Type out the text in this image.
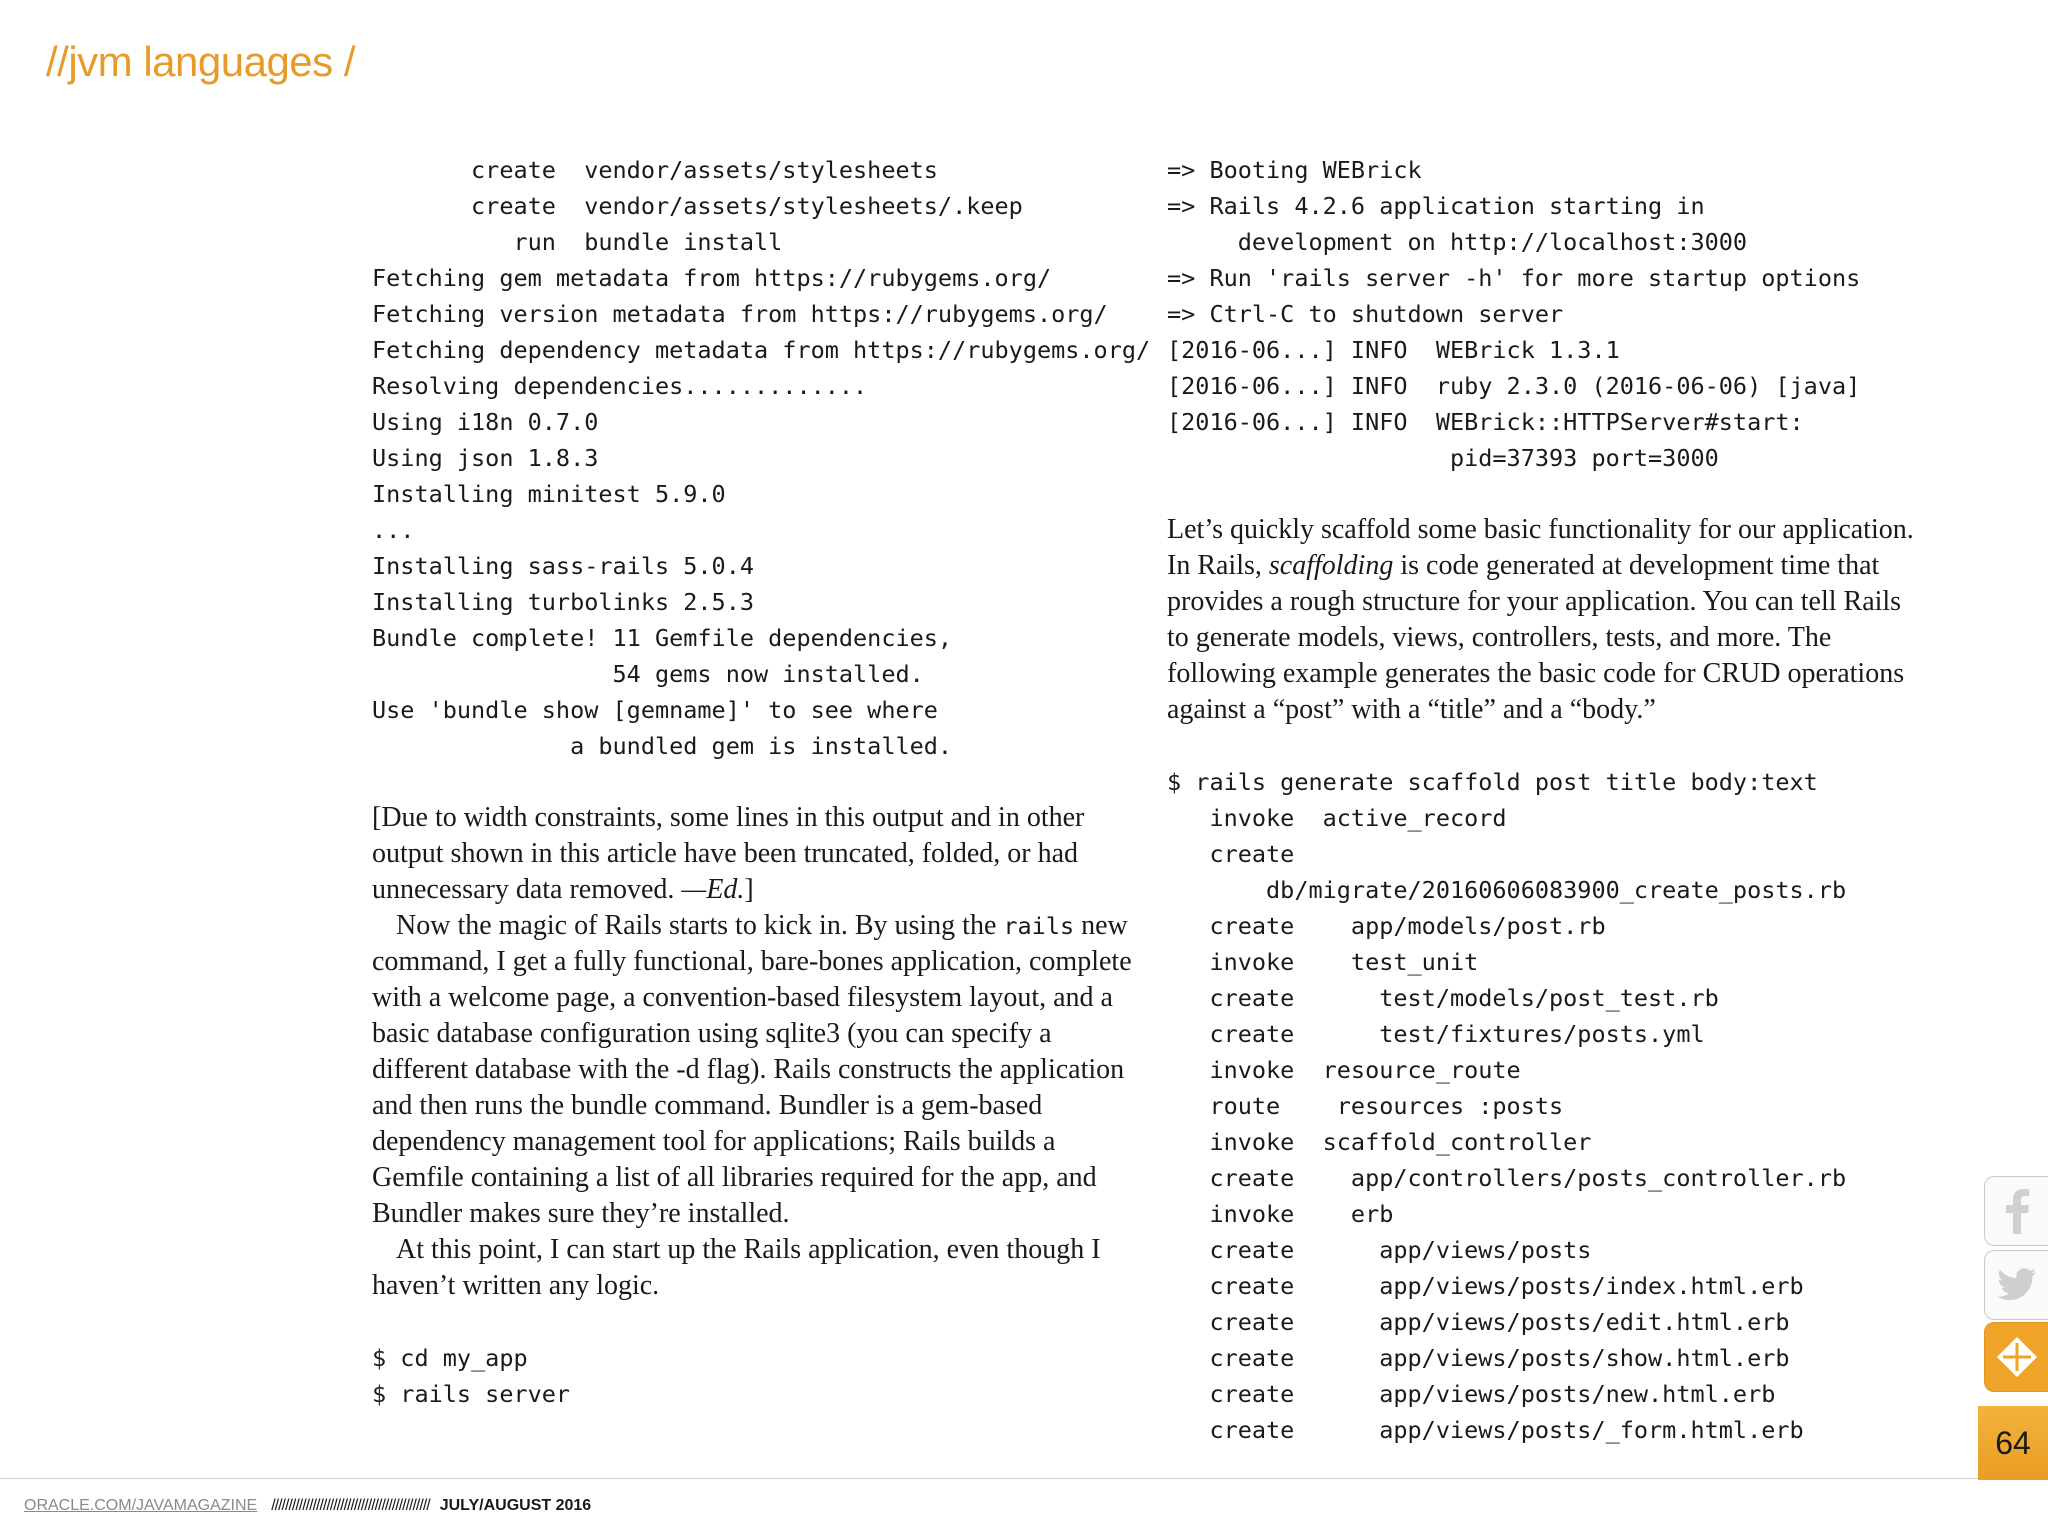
//jvm languages /
create  vendor/assets/stylesheets
create  vendor/assets/stylesheets/.keep
run  bundle install
Fetching gem metadata from https://rubygems.org/
Fetching version metadata from https://rubygems.org/
Fetching dependency metadata from https://rubygems.org/
Resolving dependencies.............
Using i18n 0.7.0
Using json 1.8.3
Installing minitest 5.9.0
...
Installing sass-rails 5.0.4
Installing turbolinks 2.5.3
Bundle complete! 11 Gemfile dependencies,
54 gems now installed.
Use 'bundle show [gemname]' to see where
a bundled gem is installed.

[Due to width constraints, some lines in this output and in other output shown in this article have been truncated, folded, or had unnecessary data removed. —Ed.]

Now the magic of Rails starts to kick in. By using the rails new command, I get a fully functional, bare-bones application, complete with a welcome page, a convention-based filesystem layout, and a basic database configuration using sqlite3 (you can specify a different database with the -d flag). Rails constructs the application and then runs the bundle command. Bundler is a gem-based dependency management tool for applications; Rails builds a Gemfile containing a list of all libraries required for the app, and Bundler makes sure they’re installed.

At this point, I can start up the Rails application, even though I haven’t written any logic.

$ cd my_app
$ rails server
=> Booting WEBrick
=> Rails 4.2.6 application starting in
development on http://localhost:3000
=> Run 'rails server -h' for more startup options
=> Ctrl-C to shutdown server
[2016-06...] INFO  WEBrick 1.3.1
[2016-06...] INFO  ruby 2.3.0 (2016-06-06) [java]
[2016-06...] INFO  WEBrick::HTTPServer#start:
pid=37393 port=3000

Let’s quickly scaffold some basic functionality for our application. In Rails, scaffolding is code generated at development time that provides a rough structure for your application. You can tell Rails to generate models, views, controllers, tests, and more. The following example generates the basic code for CRUD operations against a “post” with a “title” and a “body.”

$ rails generate scaffold post title body:text
invoke  active_record
create
db/migrate/20160606083900_create_posts.rb
create    app/models/post.rb
invoke    test_unit
create      test/models/post_test.rb
create      test/fixtures/posts.yml
invoke  resource_route
route    resources :posts
invoke  scaffold_controller
create    app/controllers/posts_controller.rb
invoke    erb
create      app/views/posts
create      app/views/posts/index.html.erb
create      app/views/posts/edit.html.erb
create      app/views/posts/show.html.erb
create      app/views/posts/new.html.erb
create      app/views/posts/_form.html.erb
ORACLE.COM/JAVAMAGAZINE ////////////////////////////////////////////// JULY/AUGUST 2016
64
